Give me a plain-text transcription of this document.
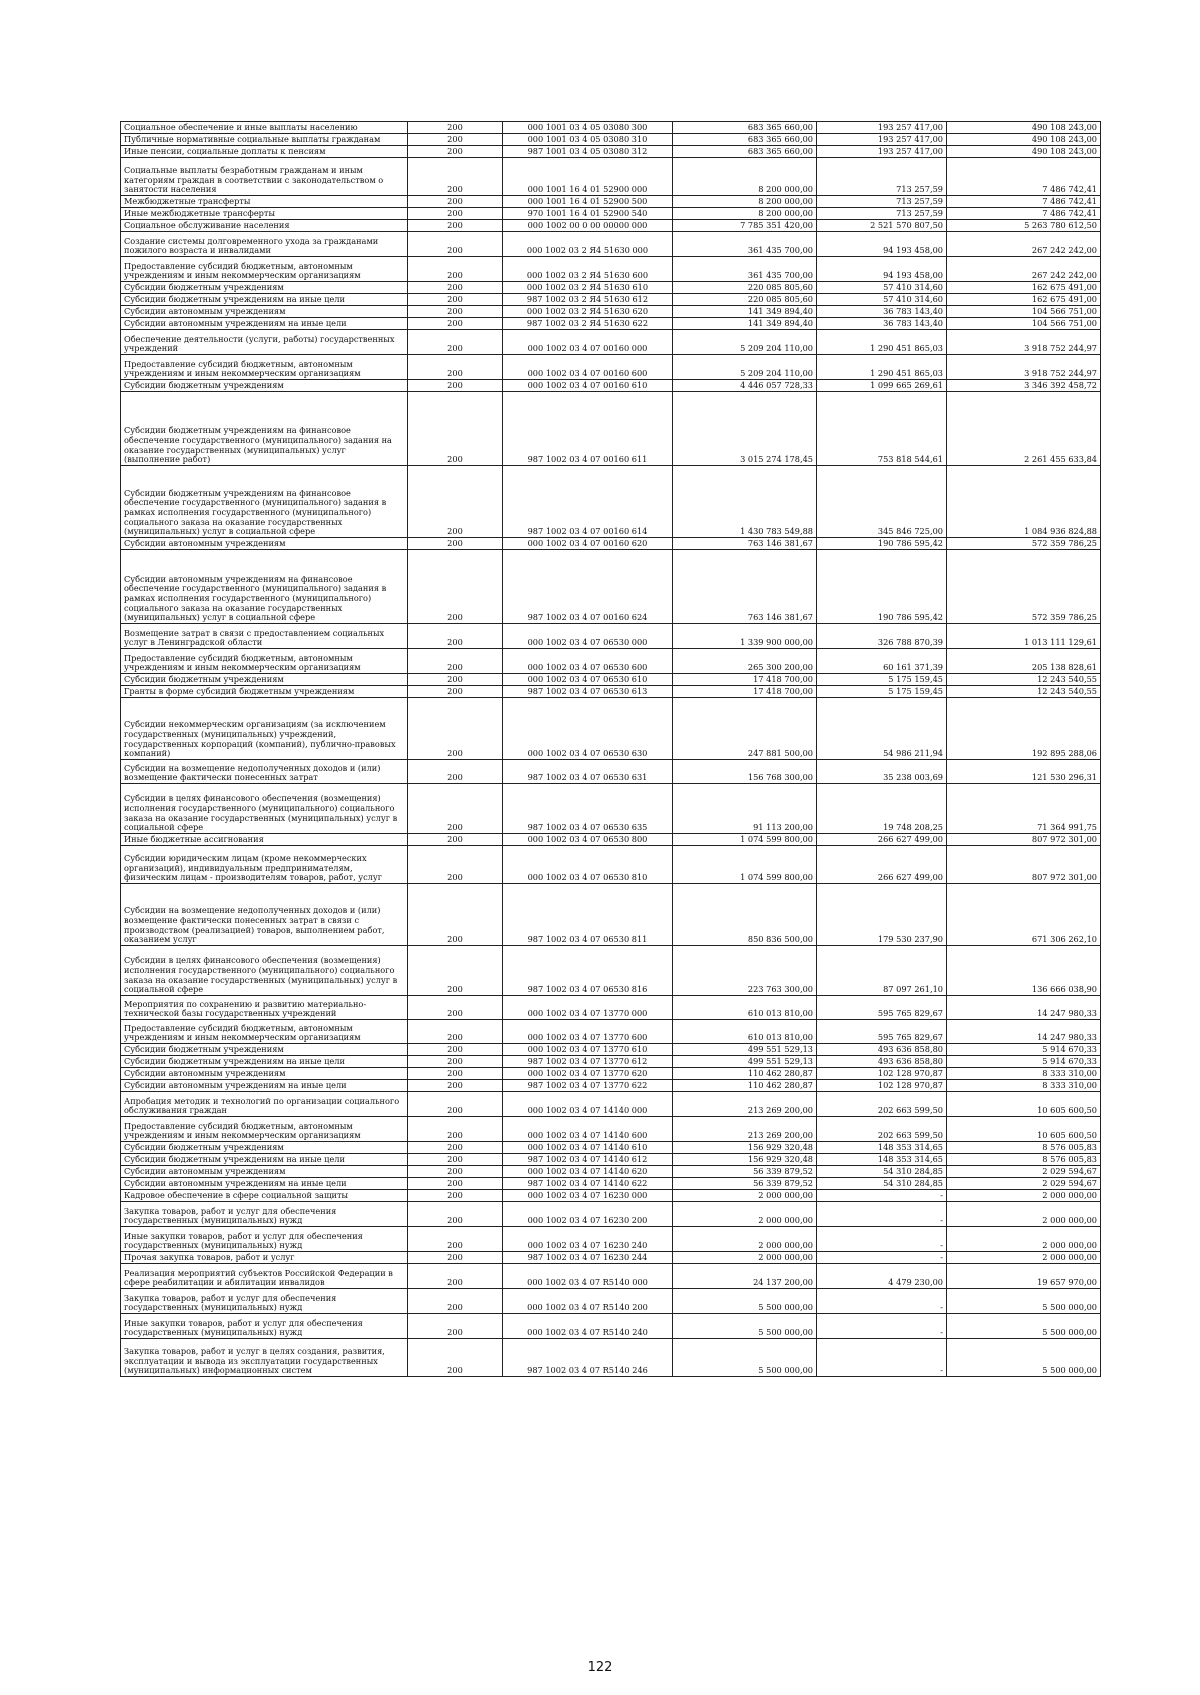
Социальное обеспечение и иные выплаты населению	200	000 1001 03 4 05 03080 300	683 365 660,00	193 257 417,00	490 108 243,00
Публичные нормативные социальные выплаты гражданам	200	000 1001 03 4 05 03080 310	683 365 660,00	193 257 417,00	490 108 243,00
Иные пенсии, социальные доплаты к пенсиям	200	987 1001 03 4 05 03080 312	683 365 660,00	193 257 417,00	490 108 243,00
Социальные выплаты безработным гражданам и иным категориям граждан в соответствии с законодательством о занятости населения	200	000 1001 16 4 01 52900 000	8 200 000,00	713 257,59	7 486 742,41
Межбюджетные трансферты	200	000 1001 16 4 01 52900 500	8 200 000,00	713 257,59	7 486 742,41
Иные межбюджетные трансферты	200	970 1001 16 4 01 52900 540	8 200 000,00	713 257,59	7 486 742,41
Социальное обслуживание населения	200	000 1002 00 0 00 00000 000	7 785 351 420,00	2 521 570 807,50	5 263 780 612,50
Создание системы долговременного ухода за гражданами пожилого возраста и инвалидами	200	000 1002 03 2 Я4 51630 000	361 435 700,00	94 193 458,00	267 242 242,00
Предоставление субсидий бюджетным, автономным учреждениям и иным некоммерческим организациям	200	000 1002 03 2 Я4 51630 600	361 435 700,00	94 193 458,00	267 242 242,00
Субсидии бюджетным учреждениям	200	000 1002 03 2 Я4 51630 610	220 085 805,60	57 410 314,60	162 675 491,00
Субсидии бюджетным учреждениям на иные цели	200	987 1002 03 2 Я4 51630 612	220 085 805,60	57 410 314,60	162 675 491,00
Субсидии автономным учреждениям	200	000 1002 03 2 Я4 51630 620	141 349 894,40	36 783 143,40	104 566 751,00
Субсидии автономным учреждениям на иные цели	200	987 1002 03 2 Я4 51630 622	141 349 894,40	36 783 143,40	104 566 751,00
Обеспечение деятельности (услуги, работы) государственных учреждений	200	000 1002 03 4 07 00160 000	5 209 204 110,00	1 290 451 865,03	3 918 752 244,97
Предоставление субсидий бюджетным, автономным учреждениям и иным некоммерческим организациям	200	000 1002 03 4 07 00160 600	5 209 204 110,00	1 290 451 865,03	3 918 752 244,97
Субсидии бюджетным учреждениям	200	000 1002 03 4 07 00160 610	4 446 057 728,33	1 099 665 269,61	3 346 392 458,72
Субсидии бюджетным учреждениям на финансовое обеспечение государственного (муниципального) задания на оказание государственных (муниципальных) услуг (выполнение работ)	200	987 1002 03 4 07 00160 611	3 015 274 178,45	753 818 544,61	2 261 455 633,84
Субсидии бюджетным учреждениям на финансовое обеспечение государственного (муниципального) задания в рамках исполнения государственного (муниципального) социального заказа на оказание государственных (муниципальных) услуг в социальной сфере	200	987 1002 03 4 07 00160 614	1 430 783 549,88	345 846 725,00	1 084 936 824,88
Субсидии автономным учреждениям	200	000 1002 03 4 07 00160 620	763 146 381,67	190 786 595,42	572 359 786,25
Субсидии автономным учреждениям на финансовое обеспечение государственного (муниципального) задания в рамках исполнения государственного (муниципального) социального заказа на оказание государственных (муниципальных) услуг в социальной сфере	200	987 1002 03 4 07 00160 624	763 146 381,67	190 786 595,42	572 359 786,25
Возмещение затрат в связи с предоставлением социальных услуг в Ленинградской области	200	000 1002 03 4 07 06530 000	1 339 900 000,00	326 788 870,39	1 013 111 129,61
Предоставление субсидий бюджетным, автономным учреждениям и иным некоммерческим организациям	200	000 1002 03 4 07 06530 600	265 300 200,00	60 161 371,39	205 138 828,61
Субсидии бюджетным учреждениям	200	000 1002 03 4 07 06530 610	17 418 700,00	5 175 159,45	12 243 540,55
Гранты в форме субсидий бюджетным учреждениям	200	987 1002 03 4 07 06530 613	17 418 700,00	5 175 159,45	12 243 540,55
Субсидии некоммерческим организациям (за исключением государственных (муниципальных) учреждений, государственных корпораций (компаний), публично-правовых компаний)	200	000 1002 03 4 07 06530 630	247 881 500,00	54 986 211,94	192 895 288,06
Субсидии на возмещение недополученных доходов и (или) возмещение фактически понесенных затрат	200	987 1002 03 4 07 06530 631	156 768 300,00	35 238 003,69	121 530 296,31
Субсидии в целях финансового обеспечения (возмещения) исполнения государственного (муниципального) социального заказа на оказание государственных (муниципальных) услуг в социальной сфере	200	987 1002 03 4 07 06530 635	91 113 200,00	19 748 208,25	71 364 991,75
Иные бюджетные ассигнования	200	000 1002 03 4 07 06530 800	1 074 599 800,00	266 627 499,00	807 972 301,00
Субсидии юридическим лицам (кроме некоммерческих организаций), индивидуальным предпринимателям, физическим лицам - производителям товаров, работ, услуг	200	000 1002 03 4 07 06530 810	1 074 599 800,00	266 627 499,00	807 972 301,00
Субсидии на возмещение недополученных доходов и (или) возмещение фактически понесенных затрат в связи с производством (реализацией) товаров, выполнением работ, оказанием услуг	200	987 1002 03 4 07 06530 811	850 836 500,00	179 530 237,90	671 306 262,10
Субсидии в целях финансового обеспечения (возмещения) исполнения государственного (муниципального) социального заказа на оказание государственных (муниципальных) услуг в социальной сфере	200	987 1002 03 4 07 06530 816	223 763 300,00	87 097 261,10	136 666 038,90
Мероприятия по сохранению и развитию материально-технической базы государственных учреждений	200	000 1002 03 4 07 13770 000	610 013 810,00	595 765 829,67	14 247 980,33
Предоставление субсидий бюджетным, автономным учреждениям и иным некоммерческим организациям	200	000 1002 03 4 07 13770 600	610 013 810,00	595 765 829,67	14 247 980,33
Субсидии бюджетным учреждениям	200	000 1002 03 4 07 13770 610	499 551 529,13	493 636 858,80	5 914 670,33
Субсидии бюджетным учреждениям на иные цели	200	987 1002 03 4 07 13770 612	499 551 529,13	493 636 858,80	5 914 670,33
Субсидии автономным учреждениям	200	000 1002 03 4 07 13770 620	110 462 280,87	102 128 970,87	8 333 310,00
Субсидии автономным учреждениям на иные цели	200	987 1002 03 4 07 13770 622	110 462 280,87	102 128 970,87	8 333 310,00
Апробация методик и технологий по организации социального обслуживания граждан	200	000 1002 03 4 07 14140 000	213 269 200,00	202 663 599,50	10 605 600,50
Предоставление субсидий бюджетным, автономным учреждениям и иным некоммерческим организациям	200	000 1002 03 4 07 14140 600	213 269 200,00	202 663 599,50	10 605 600,50
Субсидии бюджетным учреждениям	200	000 1002 03 4 07 14140 610	156 929 320,48	148 353 314,65	8 576 005,83
Субсидии бюджетным учреждениям на иные цели	200	987 1002 03 4 07 14140 612	156 929 320,48	148 353 314,65	8 576 005,83
Субсидии автономным учреждениям	200	000 1002 03 4 07 14140 620	56 339 879,52	54 310 284,85	2 029 594,67
Субсидии автономным учреждениям на иные цели	200	987 1002 03 4 07 14140 622	56 339 879,52	54 310 284,85	2 029 594,67
Кадровое обеспечение в сфере социальной защиты	200	000 1002 03 4 07 16230 000	2 000 000,00	-	2 000 000,00
Закупка товаров, работ и услуг для обеспечения государственных (муниципальных) нужд	200	000 1002 03 4 07 16230 200	2 000 000,00	-	2 000 000,00
Иные закупки товаров, работ и услуг для обеспечения государственных (муниципальных) нужд	200	000 1002 03 4 07 16230 240	2 000 000,00	-	2 000 000,00
Прочая закупка товаров, работ и услуг	200	987 1002 03 4 07 16230 244	2 000 000,00	-	2 000 000,00
Реализация мероприятий субъектов Российской Федерации в сфере реабилитации и абилитации инвалидов	200	000 1002 03 4 07 R5140 000	24 137 200,00	4 479 230,00	19 657 970,00
Закупка товаров, работ и услуг для обеспечения государственных (муниципальных) нужд	200	000 1002 03 4 07 R5140 200	5 500 000,00	-	5 500 000,00
Иные закупки товаров, работ и услуг для обеспечения государственных (муниципальных) нужд	200	000 1002 03 4 07 R5140 240	5 500 000,00	-	5 500 000,00
Закупка товаров, работ и услуг в целях создания, развития, эксплуатации и вывода из эксплуатации государственных (муниципальных) информационных систем	200	987 1002 03 4 07 R5140 246	5 500 000,00	-	5 500 000,00
122
